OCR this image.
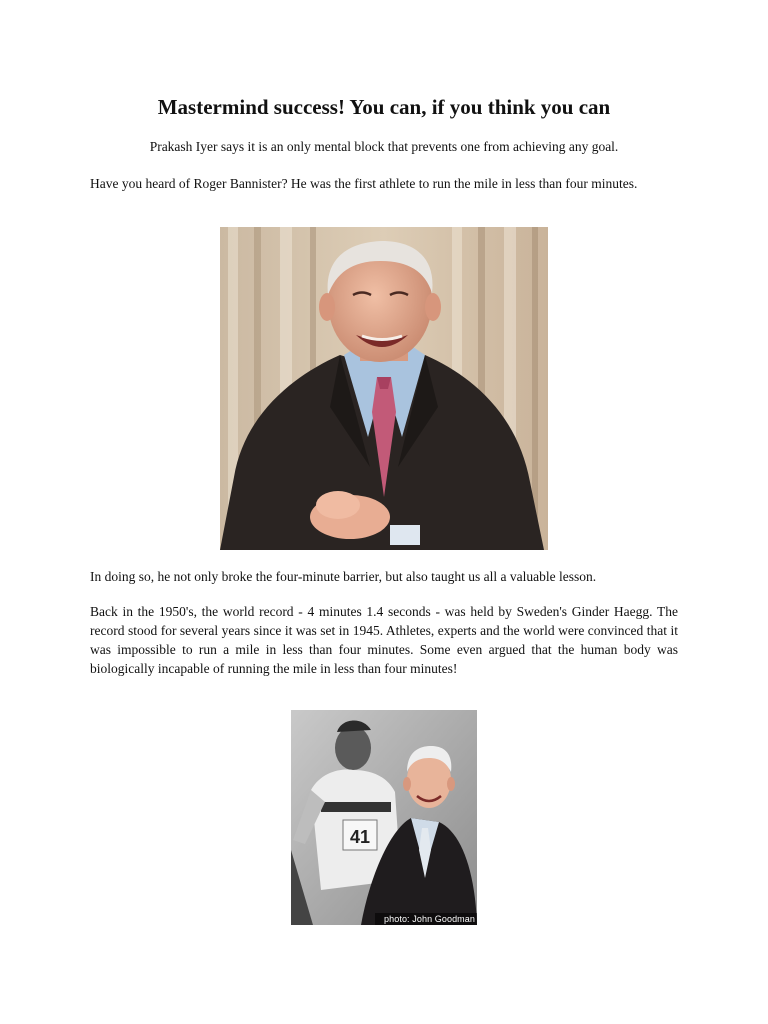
Mastermind success! You can, if you think you can

Prakash Iyer says it is an only mental block that prevents one from achieving any goal.

Have you heard of Roger Bannister? He was the first athlete to run the mile in less than four minutes.

In doing so, he not only broke the four-minute barrier, but also taught us all a valuable lesson.

Back in the 1950's, the world record - 4 minutes 1.4 seconds - was held by Sweden's Ginder Haegg. The record stood for several years since it was set in 1945. Athletes, experts and the world were convinced that it was impossible to run a mile in less than four minutes. Some even argued that the human body was biologically incapable of running the mile in less than four minutes!

41
photo: John Goodman
